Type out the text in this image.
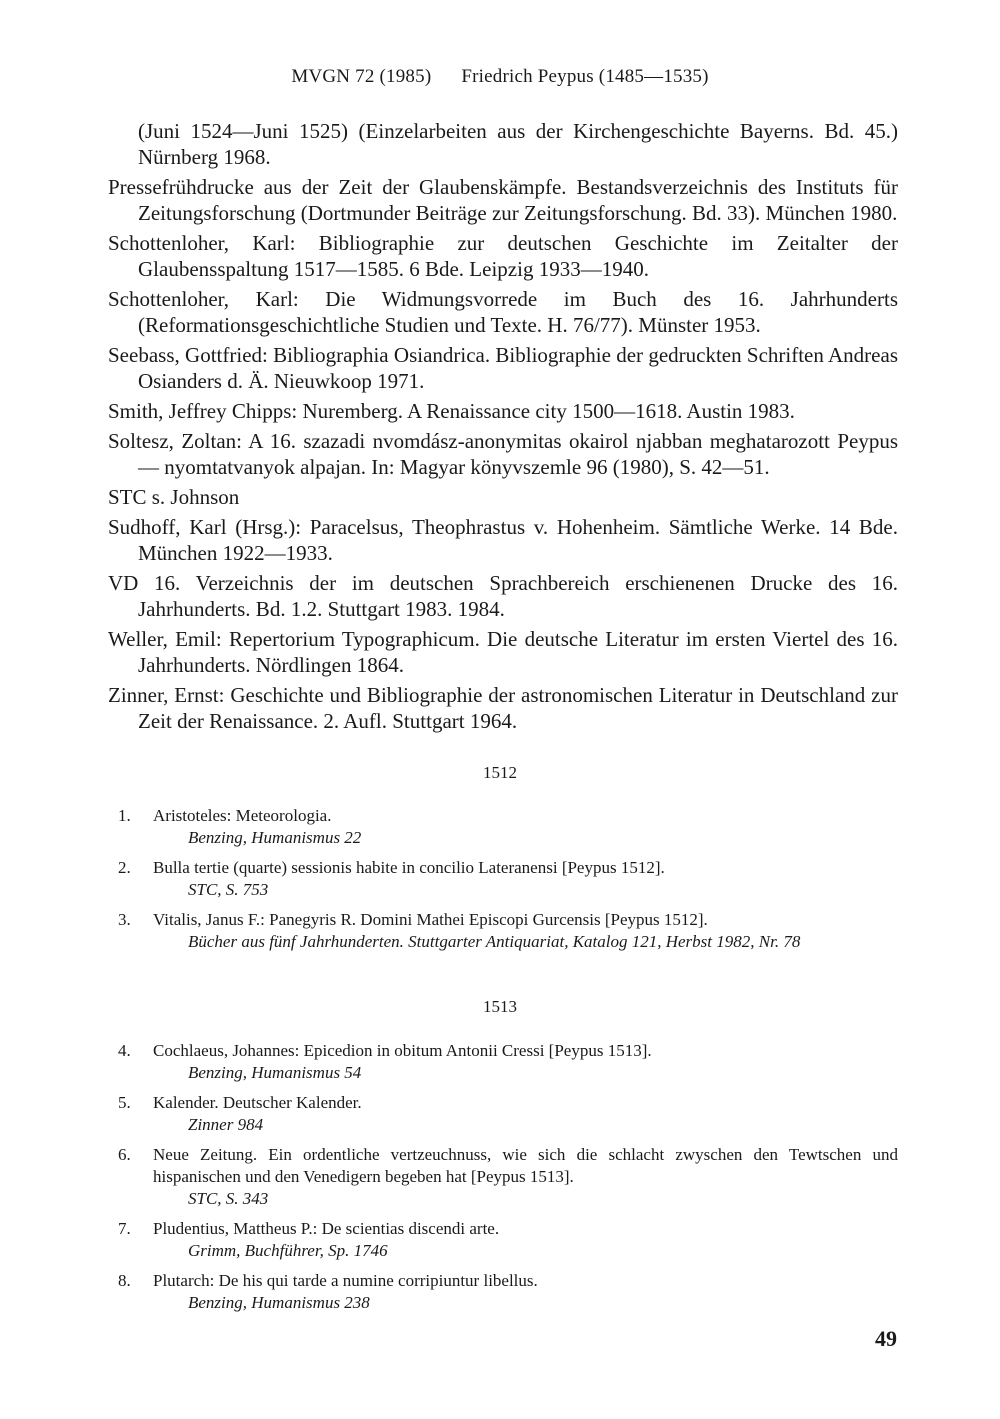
MVGN 72 (1985) Friedrich Peypus (1485—1535)

(Juni 1524—Juni 1525) (Einzelarbeiten aus der Kirchengeschichte Bayerns. Bd. 45.) Nürnberg 1968.

Pressefrühdrucke aus der Zeit der Glaubenskämpfe. Bestandsverzeichnis des Instituts für Zeitungsforschung (Dortmunder Beiträge zur Zeitungsforschung. Bd. 33). München 1980.

Schottenloher, Karl: Bibliographie zur deutschen Geschichte im Zeitalter der Glaubensspaltung 1517—1585. 6 Bde. Leipzig 1933—1940.

Schottenloher, Karl: Die Widmungsvorrede im Buch des 16. Jahrhunderts (Reformationsgeschichtliche Studien und Texte. H. 76/77). Münster 1953.

Seebass, Gottfried: Bibliographia Osiandrica. Bibliographie der gedruckten Schriften Andreas Osianders d. Ä. Nieuwkoop 1971.

Smith, Jeffrey Chipps: Nuremberg. A Renaissance city 1500—1618. Austin 1983.

Soltesz, Zoltan: A 16. szazadi nvomdász-anonymitas okairol njabban meghatarozott Peypus — nyomtatvanyok alpajan. In: Magyar könyvszemle 96 (1980), S. 42—51.

STC s. Johnson

Sudhoff, Karl (Hrsg.): Paracelsus, Theophrastus v. Hohenheim. Sämtliche Werke. 14 Bde. München 1922—1933.

VD 16. Verzeichnis der im deutschen Sprachbereich erschienenen Drucke des 16. Jahrhunderts. Bd. 1.2. Stuttgart 1983. 1984.

Weller, Emil: Repertorium Typographicum. Die deutsche Literatur im ersten Viertel des 16. Jahrhunderts. Nördlingen 1864.

Zinner, Ernst: Geschichte und Bibliographie der astronomischen Literatur in Deutschland zur Zeit der Renaissance. 2. Aufl. Stuttgart 1964.

1512
1. Aristoteles: Meteorologia.
Benzing, Humanismus 22
2. Bulla tertie (quarte) sessionis habite in concilio Lateranensi [Peypus 1512].
STC, S. 753
3. Vitalis, Janus F.: Panegyris R. Domini Mathei Episcopi Gurcensis [Peypus 1512].
Bücher aus fünf Jahrhunderten. Stuttgarter Antiquariat, Katalog 121, Herbst 1982, Nr. 78
1513
4. Cochlaeus, Johannes: Epicedion in obitum Antonii Cressi [Peypus 1513].
Benzing, Humanismus 54
5. Kalender. Deutscher Kalender.
Zinner 984
6. Neue Zeitung. Ein ordentliche vertzeuchnuss, wie sich die schlacht zwyschen den Tewtschen und hispanischen und den Venedigern begeben hat [Peypus 1513].
STC, S. 343
7. Pludentius, Mattheus P.: De scientias discendi arte.
Grimm, Buchführer, Sp. 1746
8. Plutarch: De his qui tarde a numine corripiuntur libellus.
Benzing, Humanismus 238
49
